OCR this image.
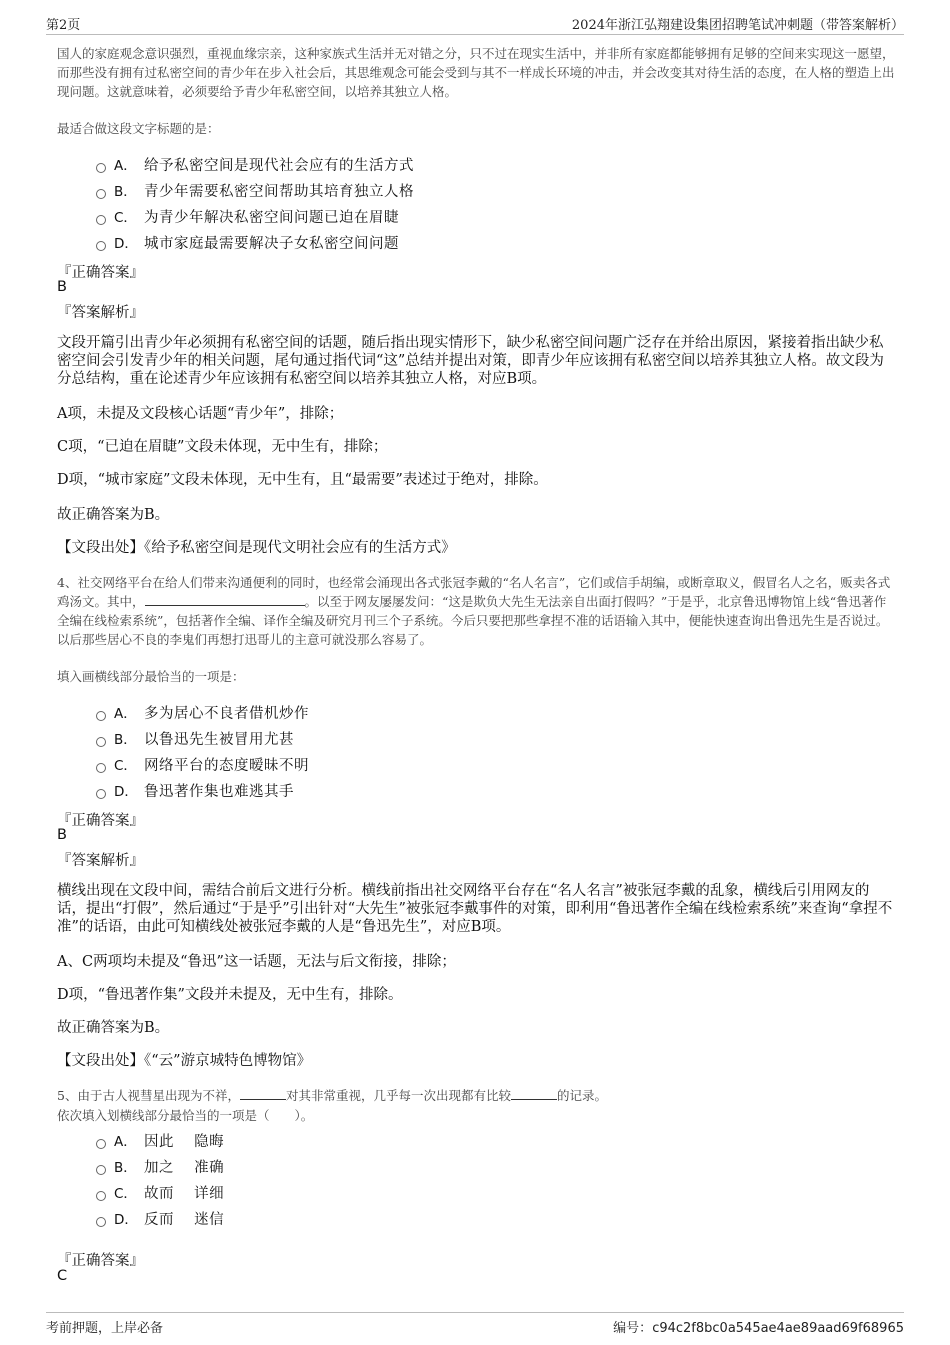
第2页	2024年浙江弘翔建设集团招聘笔试冲刺题（带答案解析）
国人的家庭观念意识强烈，重视血缘宗亲，这种家族式生活并无对错之分，只不过在现实生活中，并非所有家庭都能够拥有足够的空间来实现这一愿望，而那些没有拥有过私密空间的青少年在步入社会后，其思维观念可能会受到与其不一样成长环境的冲击，并会改变其对待生活的态度，在人格的塑造上出现问题。这就意味着，必须要给予青少年私密空间，以培养其独立人格。
最适合做这段文字标题的是：
A． 给予私密空间是现代社会应有的生活方式
B． 青少年需要私密空间帮助其培育独立人格
C． 为青少年解决私密空间问题已迫在眉睫
D． 城市家庭最需要解决子女私密空间问题
『正确答案』
B
『答案解析』
文段开篇引出青少年必须拥有私密空间的话题，随后指出现实情形下，缺少私密空间问题广泛存在并给出原因，紧接着指出缺少私密空间会引发青少年的相关问题，尾句通过指代词“这”总结并提出对策，即青少年应该拥有私密空间以培养其独立人格。故文段为分总结构，重在论述青少年应该拥有私密空间以培养其独立人格，对应B项。
A项，未提及文段核心话题“青少年”，排除；
C项，“已迫在眉睫”文段未体现，无中生有，排除；
D项，“城市家庭”文段未体现，无中生有，且“最需要”表述过于绝对，排除。
故正确答案为B。
【文段出处】《给予私密空间是现代文明社会应有的生活方式》
4、社交网络平台在给人们带来沟通便利的同时，也经常会涌现出各式张冠李戴的“名人名言”，它们或信手胡编，或断章取义，假冒名人之名，贩卖各式鸡汤文。其中，	。以至于网友屡屡发问：“这是欺负大先生无法亲自出面打假吗？”于是乎，北京鲁迅博物馆上线“鲁迅著作全编在线检索系统”，包括著作全编、译作全编及研究月刊三个子系统。今后只要把那些拿捏不准的话语输入其中，便能快速查询出鲁迅先生是否说过。以后那些居心不良的李鬼们再想打迅哥儿的主意可就没那么容易了。
填入画横线部分最恰当的一项是：
A． 多为居心不良者借机炒作
B． 以鲁迅先生被冒用尤甚
C． 网络平台的态度暧昧不明
D． 鲁迅著作集也难逃其手
『正确答案』
B
『答案解析』
横线出现在文段中间，需结合前后文进行分析。横线前指出社交网络平台存在“名人名言”被张冠李戴的乱象，横线后引用网友的话，提出“打假”，然后通过“于是乎”引出针对“大先生”被张冠李戴事件的对策，即利用“鲁迅著作全编在线检索系统”来查询“拿捏不准”的话语，由此可知横线处被张冠李戴的人是“鲁迅先生”，对应B项。
A、C两项均未提及“鲁迅”这一话题，无法与后文衔接，排除；
D项，“鲁迅著作集”文段并未提及，无中生有，排除。
故正确答案为B。
【文段出处】《“云”游京城特色博物馆》
5、由于古人视彗星出现为不祥，	对其非常重视，几乎每一次出现都有比较	的记录。
依次填入划横线部分最恰当的一项是（　　）。
A． 因此　 隐晦
B． 加之　 准确
C． 故而　 详细
D． 反而　 迷信
『正确答案』
C
考前押题，上岸必备	编号：c94c2f8bc0a545ae4ae89aad69f68965
